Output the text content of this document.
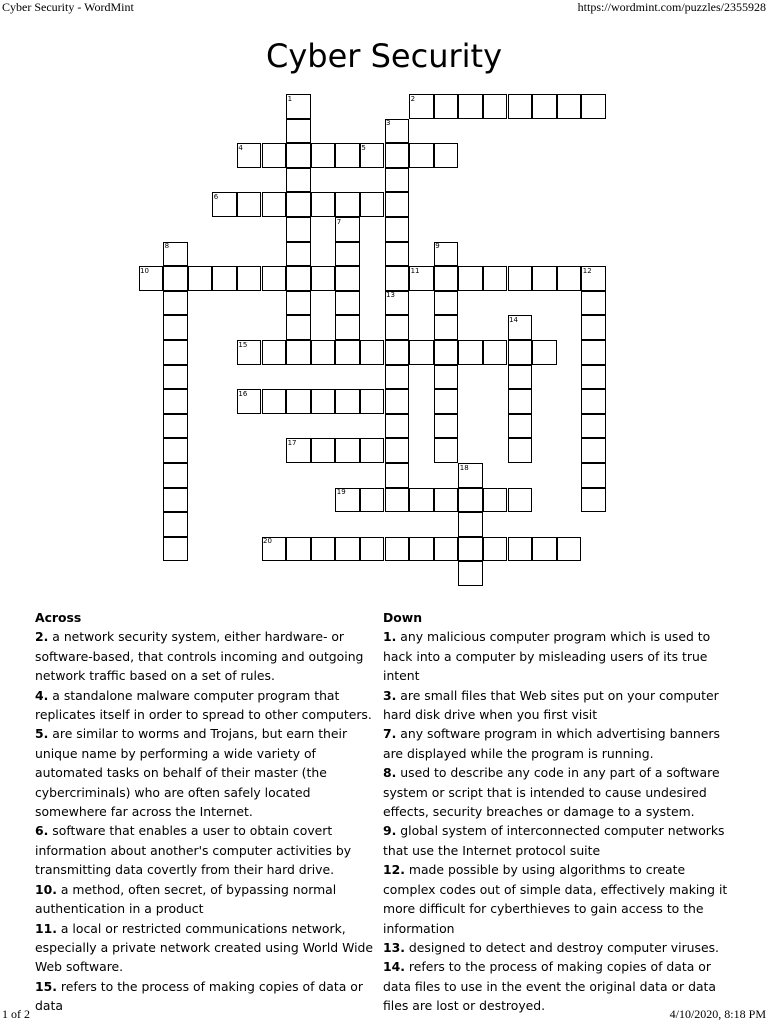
Cyber Security - WordMint	https://wordmint.com/puzzles/2355928
Cyber Security
1	2
3
4	5
6
7
8	9
10	11	12
13
14
15
16
17
18
19
20
Across
2. a network security system, either hardware- or software-based, that controls incoming and outgoing network traffic based on a set of rules.
4. a standalone malware computer program that replicates itself in order to spread to other computers.
5. are similar to worms and Trojans, but earn their unique name by performing a wide variety of automated tasks on behalf of their master (the cybercriminals) who are often safely located somewhere far across the Internet.
6. software that enables a user to obtain covert information about another's computer activities by transmitting data covertly from their hard drive.
10. a method, often secret, of bypassing normal authentication in a product
11. a local or restricted communications network, especially a private network created using World Wide Web software.
15. refers to the process of making copies of data or data
Down
1. any malicious computer program which is used to hack into a computer by misleading users of its true intent
3. are small files that Web sites put on your computer hard disk drive when you first visit
7. any software program in which advertising banners are displayed while the program is running.
8. used to describe any code in any part of a software system or script that is intended to cause undesired effects, security breaches or damage to a system.
9. global system of interconnected computer networks that use the Internet protocol suite
12. made possible by using algorithms to create complex codes out of simple data, effectively making it more difficult for cyberthieves to gain access to the information
13. designed to detect and destroy computer viruses.
14. refers to the process of making copies of data or data files to use in the event the original data or data files are lost or destroyed.
1 of 2	4/10/2020, 8:18 PM
